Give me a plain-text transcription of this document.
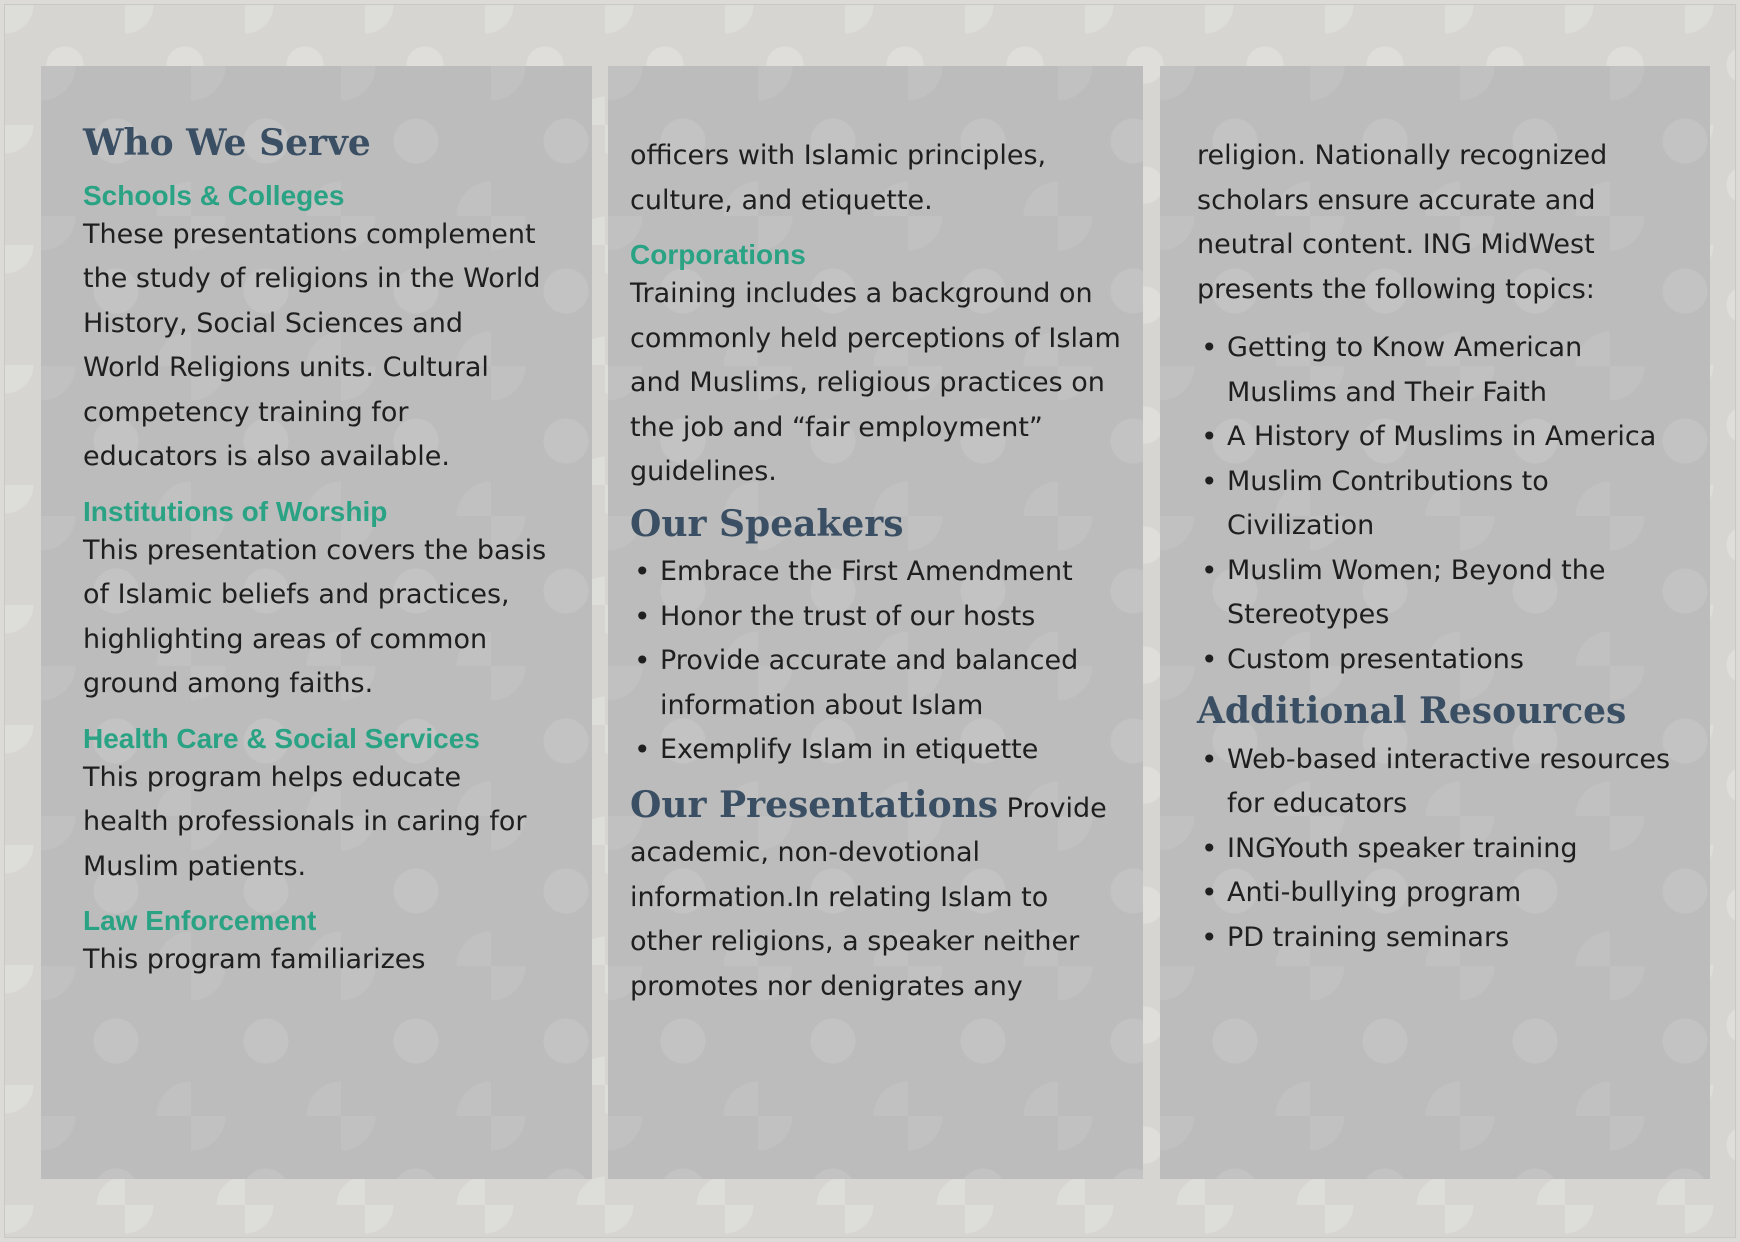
Who We Serve
Schools & Colleges

These presentations complement the study of religions in the World History, Social Sciences and World Religions units. Cultural competency training for educators is also available.

Institutions of Worship

This presentation covers the basis of Islamic beliefs and practices, highlighting areas of common ground among faiths.

Health Care & Social Services

This program helps educate health professionals in caring for Muslim patients.

Law Enforcement

This program familiarizes

officers with Islamic principles, culture, and etiquette.

Corporations

Training includes a background on commonly held perceptions of Islam and Muslims, religious practices on the job and “fair employment” guidelines.

Our Speakers
• Embrace the First Amendment
• Honor the trust of our hosts
• Provide accurate and balanced information about Islam
• Exemplify Islam in etiquette

Our Presentations Provide academic, non-devotional information.In relating Islam to other religions, a speaker neither promotes nor denigrates any

religion. Nationally recognized scholars ensure accurate and neutral content. ING MidWest presents the following topics:

• Getting to Know American Muslims and Their Faith
• A History of Muslims in America
• Muslim Contributions to Civilization
• Muslim Women; Beyond the Stereotypes
• Custom presentations
Additional Resources
• Web-based interactive resources for educators
• INGYouth speaker training
• Anti-bullying program
• PD training seminars
